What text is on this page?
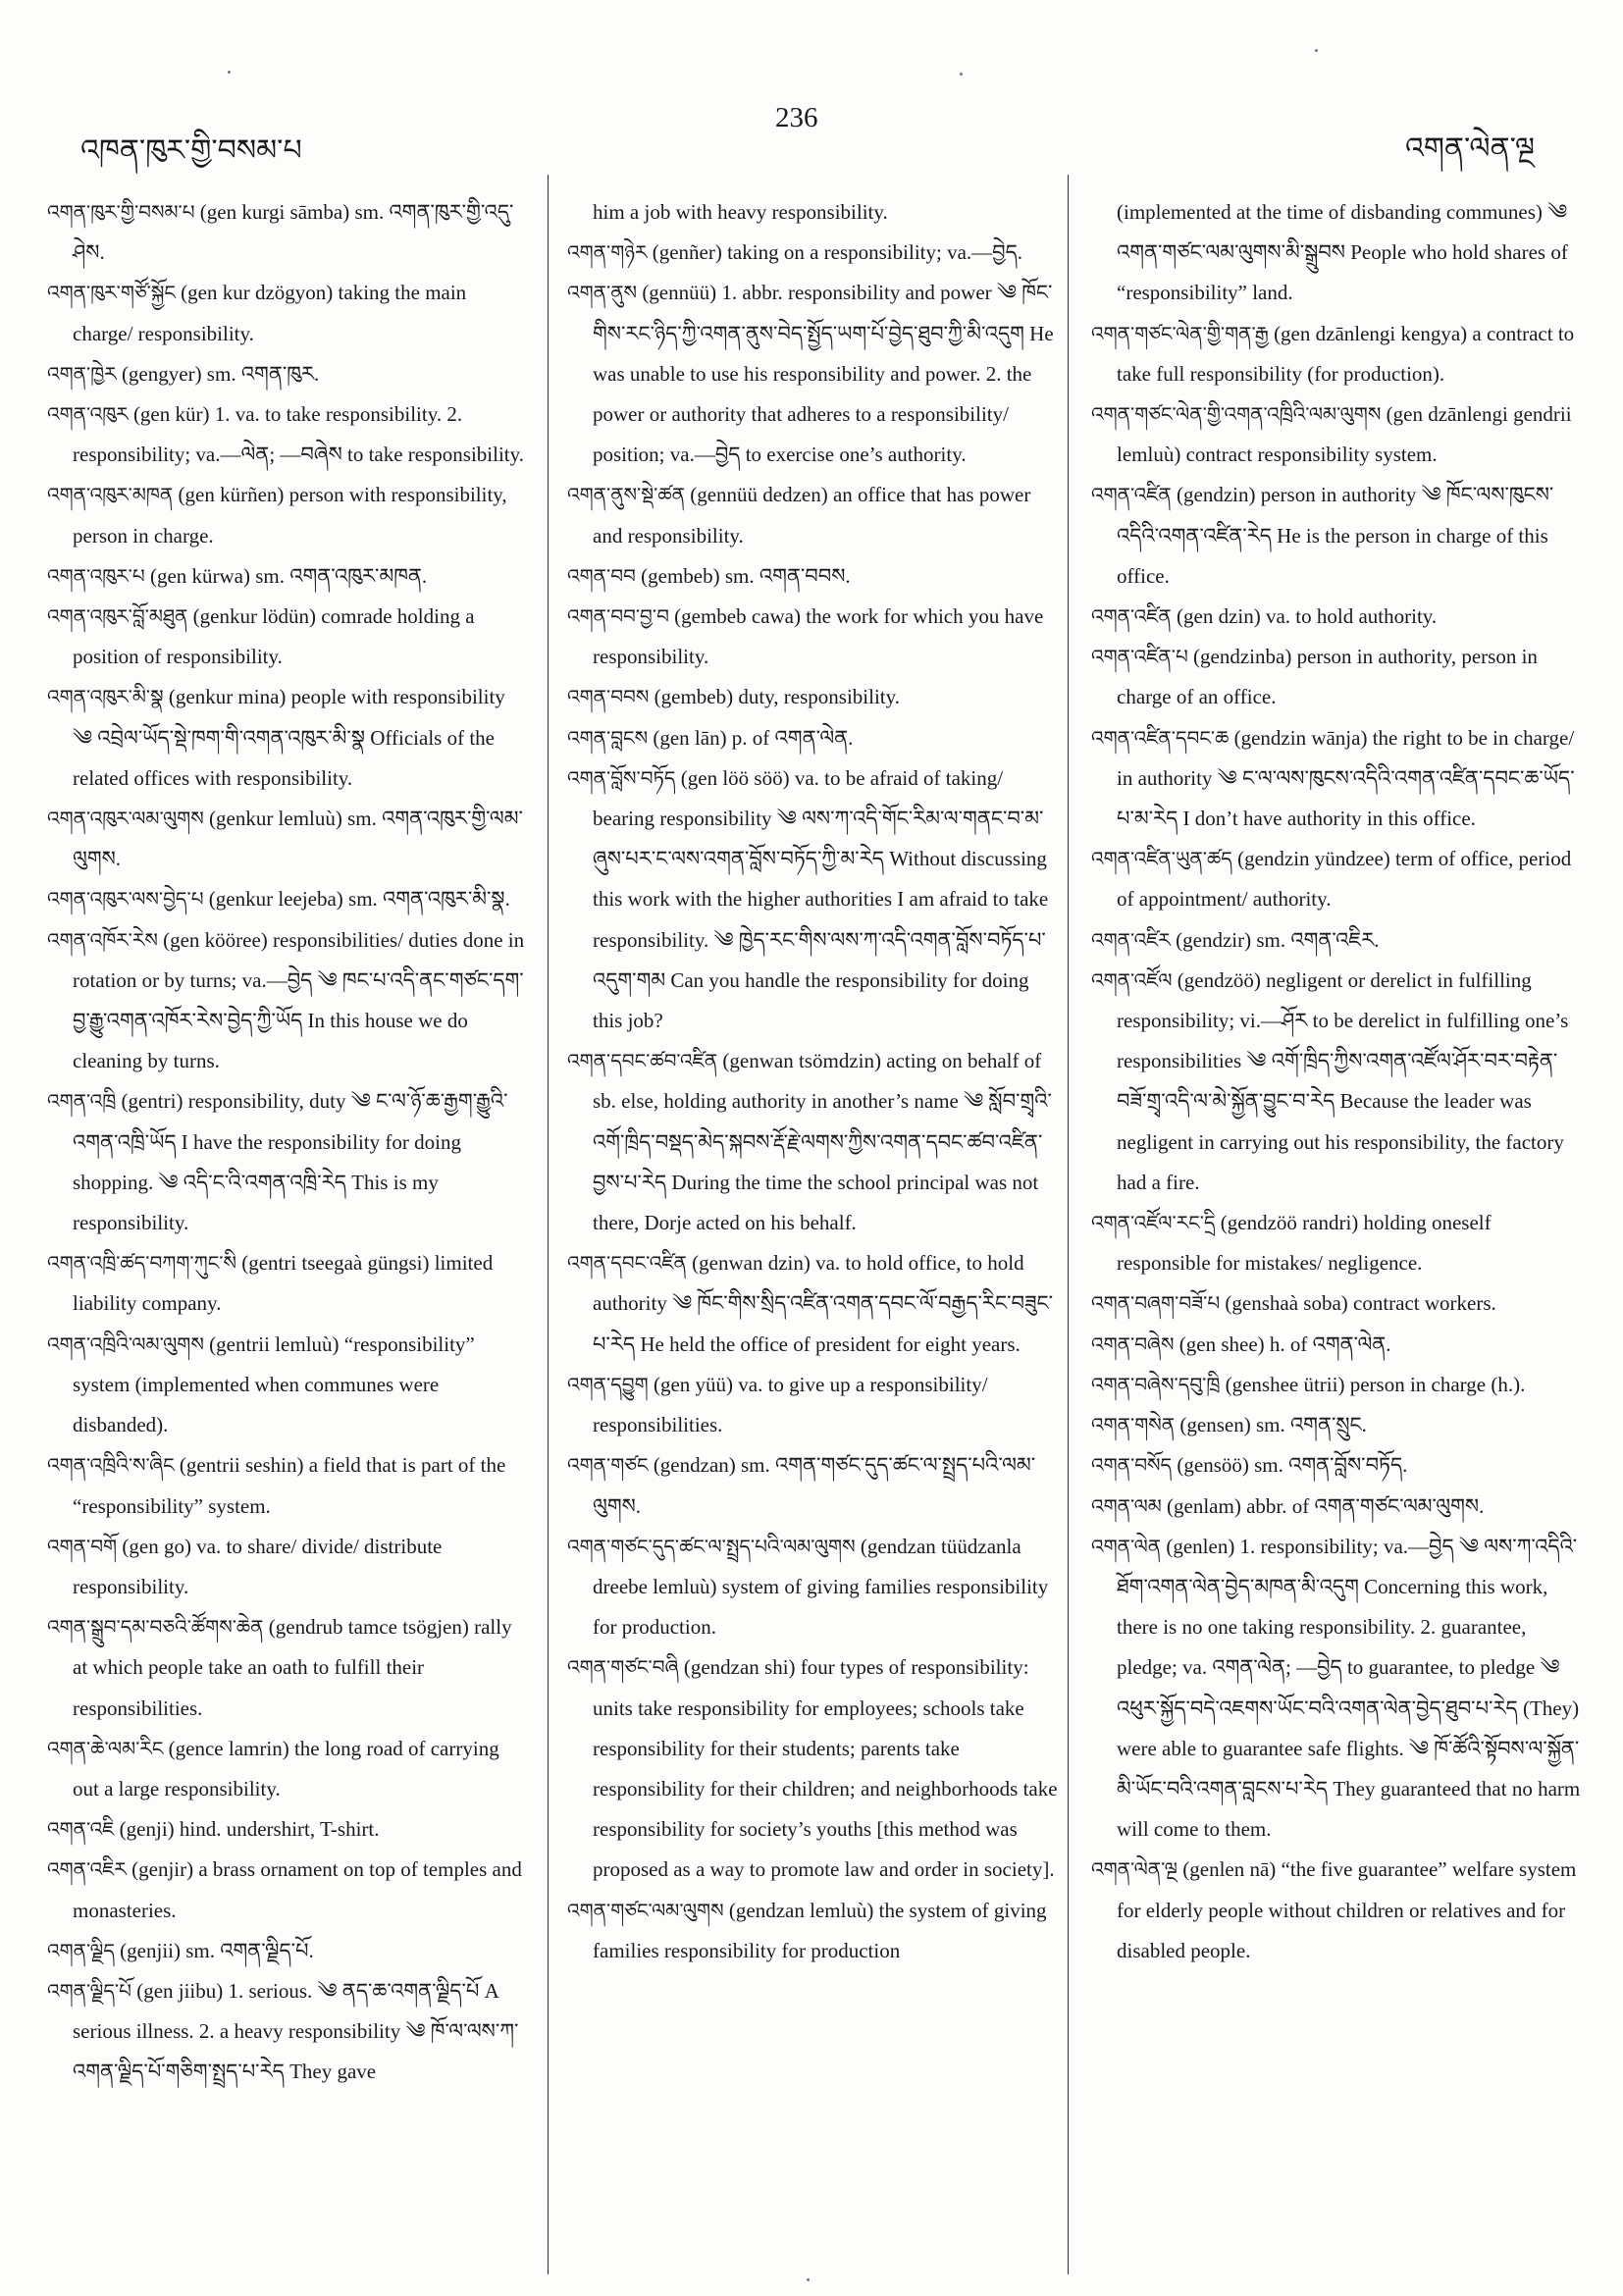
འཁན་ཁུར་གྱི་བསམ་པ
236
འགན་ལེན་ལྔ

འགན་ཁུར་གྱི་བསམ་པ (gen kurgi sāmba) sm. འགན་ཁུར་གྱི་འདུ་ཤེས.

འགན་ཁུར་གཙོ་སྐྱོང (gen kur dzögyon) taking the main charge/ responsibility.

འགན་ཁྱེར (gengyer) sm. འགན་ཁུར.

འགན་འཁུར (gen kür) 1. va. to take responsibility. 2. responsibility; va.—ལེན; —བཞེས to take responsibility.

འགན་འཁུར་མཁན (gen kürñen) person with responsibility, person in charge.

འགན་འཁུར་པ (gen kürwa) sm. འགན་འཁུར་མཁན.

འགན་འཁུར་བློ་མཐུན (genkur lödün) comrade holding a position of responsibility.

འགན་འཁུར་མི་སྣ (genkur mina) people with responsibility ༄ འབྲེལ་ཡོད་སྡེ་ཁག་གི་འགན་འཁུར་མི་སྣ Officials of the related offices with responsibility.

འགན་འཁུར་ལམ་ལུགས (genkur lemluù) sm. འགན་འཁུར་གྱི་ལམ་ལུགས.

འགན་འཁུར་ལས་བྱེད་པ (genkur leejeba) sm. འགན་འཁུར་མི་སྣ.

འགན་འཁོར་རེས (gen kööree) responsibilities/ duties done in rotation or by turns; va.—བྱེད ༄ ཁང་པ་འདི་ནང་གཙང་དག་བྱ་རྒྱུ་འགན་འཁོར་རེས་བྱེད་ཀྱི་ཡོད In this house we do cleaning by turns.

འགན་འཁྲི (gentri) responsibility, duty ༄ ང་ལ་ཉོ་ཆ་རྒྱག་རྒྱུའི་འགན་འཁྲི་ཡོད I have the responsibility for doing shopping. ༄ འདི་ང་འི་འགན་འཁྲི་རེད This is my responsibility.

འགན་འཁྲི་ཚད་བཀག་ཀུང་སི (gentri tseegaà güngsi) limited liability company.

འགན་འཁྲིའི་ལམ་ལུགས (gentrii lemluù) “responsibility” system (implemented when communes were disbanded).

འགན་འཁྲིའི་ས་ཞིང (gentrii seshin) a field that is part of the “responsibility” system.

འགན་བགོ (gen go) va. to share/ divide/ distribute responsibility.

འགན་སྒྲུབ་དམ་བཅའི་ཚོགས་ཆེན (gendrub tamce tsögjen) rally at which people take an oath to fulfill their responsibilities.

འགན་ཆེ་ལམ་རིང (gence lamrin) the long road of carrying out a large responsibility.

འགན་འཇི (genji) hind. undershirt, T-shirt.

འགན་འཇིར (genjir) a brass ornament on top of temples and monasteries.

འགན་ལྗིད (genjii) sm. འགན་ལྗིད་པོ.

འགན་ལྗིད་པོ (gen jiibu) 1. serious. ༄ ནད་ཆ་འགན་ལྗིད་པོ A serious illness. 2. a heavy responsibility ༄ ཁོ་ལ་ལས་ཀ་འགན་ལྗིད་པོ་གཅིག་སྤྲད་པ་རེད They gave

him a job with heavy responsibility.

འགན་གཉེར (genñer) taking on a responsibility; va.—བྱེད.

འགན་ནུས (gennüü) 1. abbr. responsibility and power ༄ ཁོང་གིས་རང་ཉིད་ཀྱི་འགན་ནུས་བེད་སྤྱོད་ཡག་པོ་བྱེད་ཐུབ་ཀྱི་མི་འདུག He was unable to use his responsibility and power. 2. the power or authority that adheres to a responsibility/ position; va.—བྱེད to exercise one’s authority.

འགན་ནུས་སྡེ་ཚན (gennüü dedzen) an office that has power and responsibility.

འགན་བབ (gembeb) sm. འགན་བབས.

འགན་བབ་བྱ་བ (gembeb cawa) the work for which you have responsibility.

འགན་བབས (gembeb) duty, responsibility.

འགན་བླངས (gen lān) p. of འགན་ལེན.

འགན་བློས་བཏོད (gen löö söö) va. to be afraid of taking/ bearing responsibility ༄ ལས་ཀ་འདི་གོང་རིམ་ལ་གནང་བ་མ་ཞུས་པར་ང་ལས་འགན་བློས་བཏོད་ཀྱི་མ་རེད Without discussing this work with the higher authorities I am afraid to take responsibility. ༄ ཁྱེད་རང་གིས་ལས་ཀ་འདི་འགན་བློས་བཏོད་པ་འདུག་གམ Can you handle the responsibility for doing this job?

འགན་དབང་ཚབ་འཛིན (genwan tsömdzin) acting on behalf of sb. else, holding authority in another’s name ༄ སློབ་གྲྭའི་འགོ་ཁྲིད་བསྡད་མེད་སྐབས་རྡོ་རྗེ་ལགས་ཀྱིས་འགན་དབང་ཚབ་འཛིན་བྱས་པ་རེད During the time the school principal was not there, Dorje acted on his behalf.

འགན་དབང་འཛིན (genwan dzin) va. to hold office, to hold authority ༄ ཁོང་གིས་སྲིད་འཛིན་འགན་དབང་ལོ་བརྒྱད་རིང་བཟུང་པ་རེད He held the office of president for eight years.

འགན་དབྱུག (gen yüü) va. to give up a responsibility/ responsibilities.

འགན་གཙང (gendzan) sm. འགན་གཙང་དུད་ཚང་ལ་སྤྲད་པའི་ལམ་ལུགས.

འགན་གཙང་དུད་ཚང་ལ་སྤྲད་པའི་ལམ་ལུགས (gendzan tüüdzanla dreebe lemluù) system of giving families responsibility for production.

འགན་གཙང་བཞི (gendzan shi) four types of responsibility: units take responsibility for employees; schools take responsibility for their students; parents take responsibility for their children; and neighborhoods take responsibility for society’s youths [this method was proposed as a way to promote law and order in society].

འགན་གཙང་ལམ་ལུགས (gendzan lemluù) the system of giving families responsibility for production

(implemented at the time of disbanding communes) ༄ འགན་གཙང་ལམ་ལུགས་མི་སྒྲུབས People who hold shares of “responsibility” land.

འགན་གཙང་ལེན་གྱི་གན་རྒྱ (gen dzānlengi kengya) a contract to take full responsibility (for production).

འགན་གཙང་ལེན་གྱི་འགན་འཁྲིའི་ལམ་ལུགས (gen dzānlengi gendrii lemluù) contract responsibility system.

འགན་འཛིན (gendzin) person in authority ༄ ཁོང་ལས་ཁུངས་འདིའི་འགན་འཛིན་རེད He is the person in charge of this office.

འགན་འཛིན (gen dzin) va. to hold authority.

འགན་འཛིན་པ (gendzinba) person in authority, person in charge of an office.

འགན་འཛིན་དབང་ཆ (gendzin wānja) the right to be in charge/ in authority ༄ ང་ལ་ལས་ཁུངས་འདིའི་འགན་འཛིན་དབང་ཆ་ཡོད་པ་མ་རེད I don’t have authority in this office.

འགན་འཛིན་ཡུན་ཚད (gendzin yündzee) term of office, period of appointment/ authority.

འགན་འཛིར (gendzir) sm. འགན་འཇིར.

འགན་འཛོལ (gendzöö) negligent or derelict in fulfilling responsibility; vi.—ཤོར to be derelict in fulfilling one’s responsibilities ༄ འགོ་ཁྲིད་ཀྱིས་འགན་འཛོལ་ཤོར་བར་བརྟེན་བཟོ་གྲྭ་འདི་ལ་མེ་སྐྱོན་བྱུང་བ་རེད Because the leader was negligent in carrying out his responsibility, the factory had a fire.

འགན་འཛོལ་རང་དྲི (gendzöö randri) holding oneself responsible for mistakes/ negligence.

འགན་བཞག་བཟོ་པ (genshaà soba) contract workers.

འགན་བཞེས (gen shee) h. of འགན་ལེན.

འགན་བཞེས་དབུ་ཁྲི (genshee ütrii) person in charge (h.).

འགན་གསེན (gensen) sm. འགན་སྲུང.

འགན་བསོད (gensöö) sm. འགན་བློས་བཏོད.

འགན་ལམ (genlam) abbr. of འགན་གཙང་ལམ་ལུགས.

འགན་ལེན (genlen) 1. responsibility; va.—བྱེད ༄ ལས་ཀ་འདིའི་ཐོག་འགན་ལེན་བྱེད་མཁན་མི་འདུག Concerning this work, there is no one taking responsibility. 2. guarantee, pledge; va. འགན་ལེན; —བྱེད to guarantee, to pledge ༄ འཕུར་སྐྱོད་བདེ་འཇགས་ཡོང་བའི་འགན་ལེན་བྱེད་ཐུབ་པ་རེད (They) were able to guarantee safe flights. ༄ ཁོ་ཚོའི་སྟོབས་ལ་སྐྱོན་མི་ཡོང་བའི་འགན་བླངས་པ་རེད They guaranteed that no harm will come to them.

འགན་ལེན་ལྔ (genlen nā) “the five guarantee” welfare system for elderly people without children or relatives and for disabled people.
